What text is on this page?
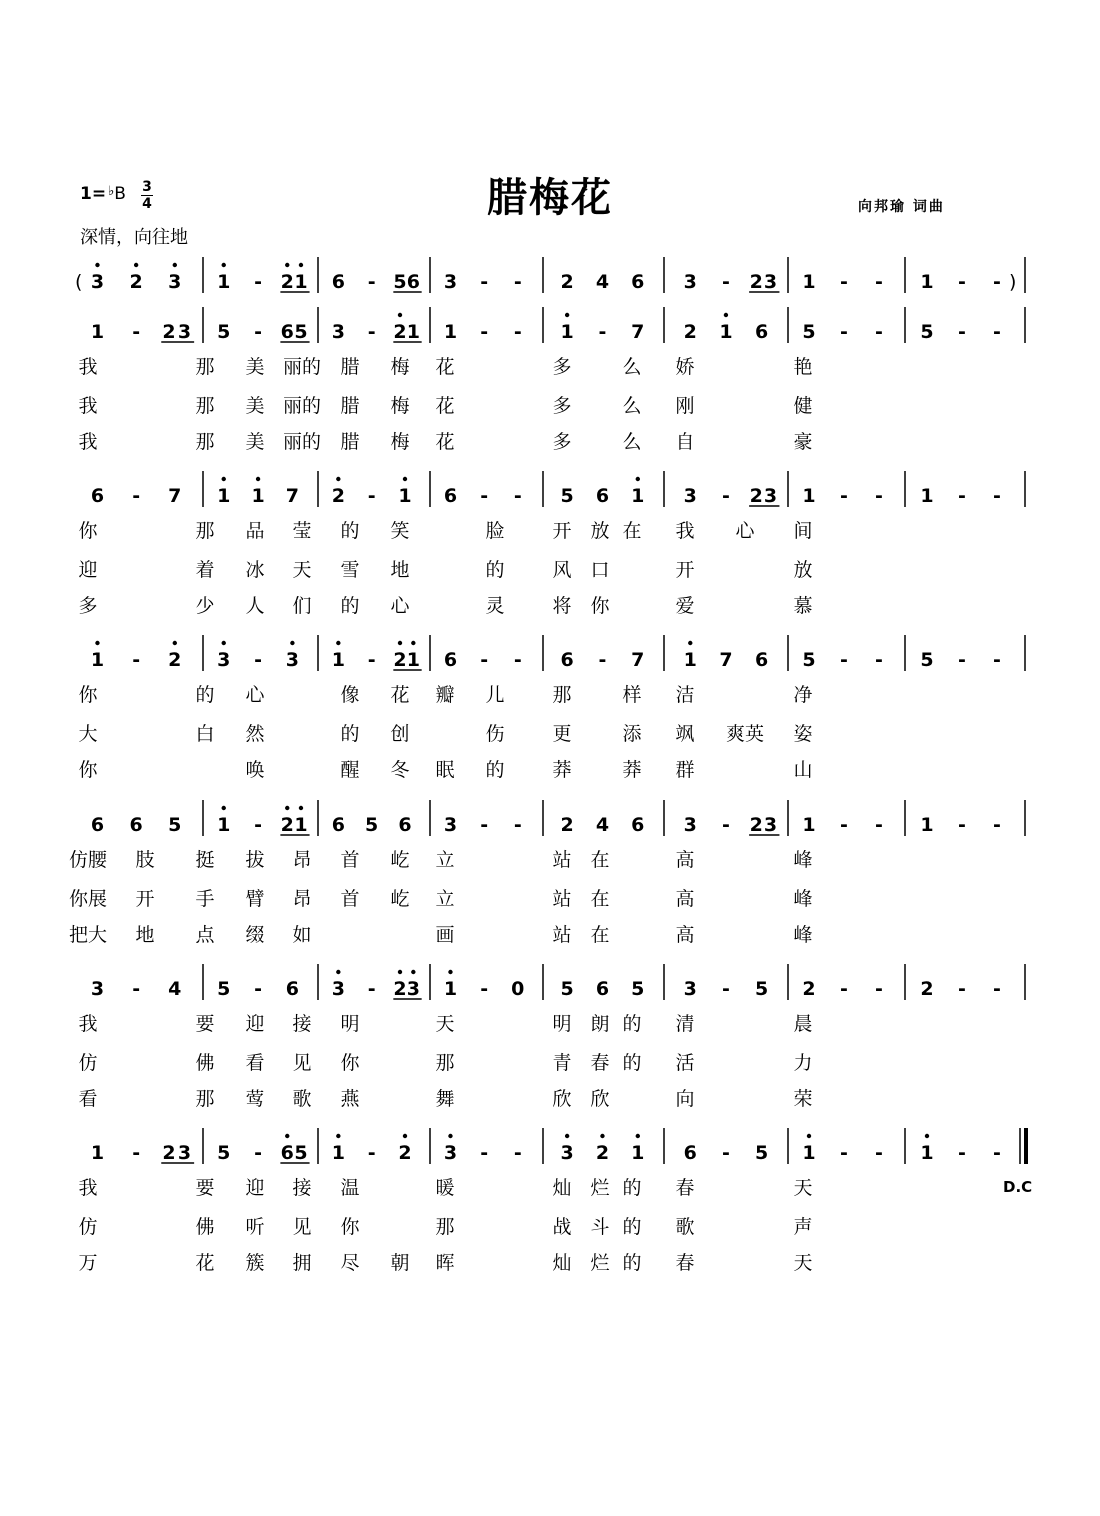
腊梅花
1= ♭B 3
4
深情，向往地
向邦瑜 词曲
D.C
( 3 2 3 1 - 2 1 6 - 5 6 3 - - 2 4 6 3 - 2 3 1 - - 1 - - )
1 - 2 3 5 - 6 5 3 - 2 1 1 - - 1 - 7 2 1 6 5 - - 5 - -
我	那 美 丽的 腊 梅 花	多	么 娇	艳
我	那 美 丽的 腊 梅 花	多	么 刚	健
我	那 美 丽的 腊 梅 花	多	么 自	豪
6 - 7 1 1 7 2 - 1 6 - - 5 6 1 3 - 2 3 1 - - 1 - -
你	那 品 莹 的 笑	脸	开 放 在 我 心 间
迎	着 冰 天 雪 地	的	风 口	开	放
多	少 人 们 的 心	灵	将 你	爱	慕
1 - 2 3 - 3 1 - 2 1 6 - - 6 - 7 1 7 6 5 - - 5 - -
你	的 心	像 花 瓣 儿	那	样 洁	净
大	白 然	的 创	伤	更	添 飒 爽英 姿
你	唤	醒 冬 眠 的	莽	莽 群	山
6 6 5 1 - 2 1 6 5 6 3 - - 2 4 6 3 - 2 3 1 - - 1 - -
仿腰 肢 挺 拔 昂 首 屹 立	站 在	高	峰
你展 开 手 臂 昂 首 屹 立	站 在	高	峰
把大 地 点 缀 如	画	站 在	高	峰
3 - 4 5 - 6 3 - 2 3 1 - 0 5 6 5 3 - 5 2 - - 2 - -
我	要 迎 接 明	天	明 朗 的 清	晨
仿	佛 看 见 你	那	青 春 的 活	力
看	那 莺 歌 燕	舞	欣 欣	向	荣
1 - 2 3 5 - 6 5 1 - 2 3 - - 3 2 1 6 - 5 1 - - 1 - -
我	要 迎 接 温	暖	灿 烂 的 春	天
仿	佛 听 见 你	那	战 斗 的 歌	声
万	花 簇 拥 尽 朝 晖	灿 烂 的 春	天
